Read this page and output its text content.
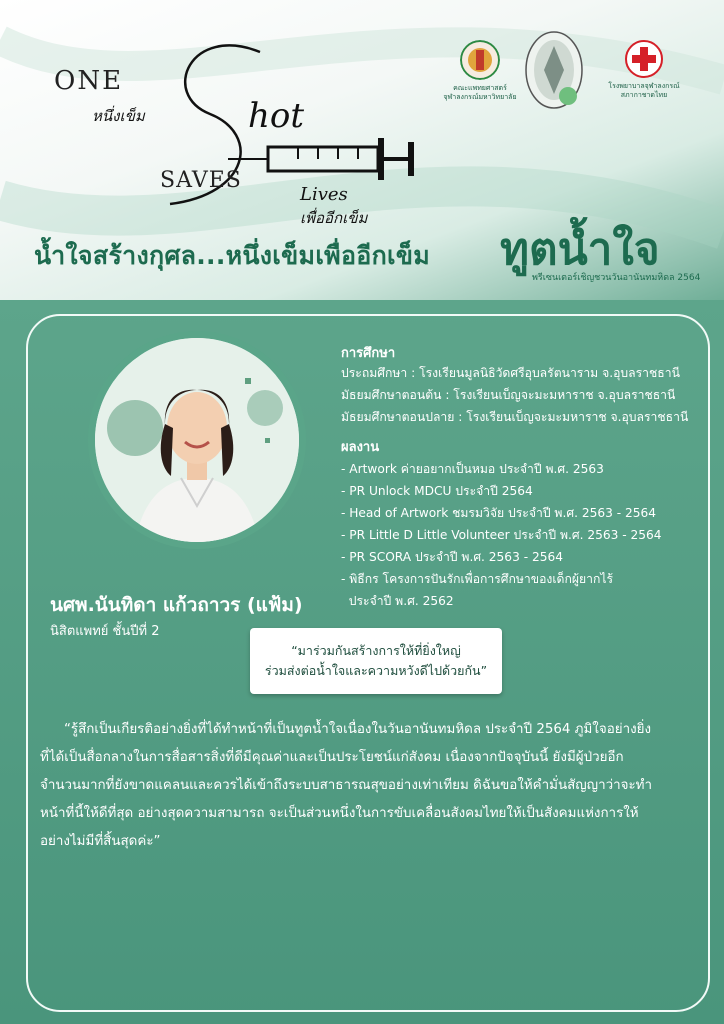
ONE
หนึ่งเข็ม	hot
SAVES
Lives
เพื่ออีกเข็ม
คณะแพทยศาสตร์ จุฬาลงกรณ์มหาวิทยาลัย
โรงพยาบาลจุฬาลงกรณ์ สภากาชาดไทย
น้ำใจสร้างกุศล...หนึ่งเข็มเพื่ออีกเข็ม ทูตน้ำใจ
พรีเซนเตอร์เชิญชวนวันอานันทมหิดล 2564
นศพ.นันทิดา แก้วถาวร (แฟ้ม)
นิสิตแพทย์ ชั้นปีที่ 2
การศึกษา
ประถมศึกษา : โรงเรียนมูลนิธิวัดศรีอุบลรัตนาราม จ.อุบลราชธานี
มัธยมศึกษาตอนต้น : โรงเรียนเบ็ญจะมะมหาราช จ.อุบลราชธานี
มัธยมศึกษาตอนปลาย : โรงเรียนเบ็ญจะมะมหาราช จ.อุบลราชธานี
ผลงาน
- Artwork ค่ายอยากเป็นหมอ ประจำปี พ.ศ. 2563
- PR Unlock MDCU ประจำปี 2564
- Head of Artwork ชมรมวิจัย ประจำปี พ.ศ. 2563 - 2564
- PR Little D Little Volunteer ประจำปี พ.ศ. 2563 - 2564
- PR SCORA ประจำปี พ.ศ. 2563 - 2564
- พิธีกร โครงการปันรักเพื่อการศึกษาของเด็กผู้ยากไร้
ประจำปี พ.ศ. 2562
“มาร่วมกันสร้างการให้ที่ยิ่งใหญ่
ร่วมส่งต่อน้ำใจและความหวังดีไปด้วยกัน”
“รู้สึกเป็นเกียรติอย่างยิ่งที่ได้ทำหน้าที่เป็นทูตน้ำใจเนื่องในวันอานันทมหิดล ประจำปี 2564 ภูมิใจอย่างยิ่ง
ที่ได้เป็นสื่อกลางในการสื่อสารสิ่งที่ดีมีคุณค่าและเป็นประโยชน์แก่สังคม เนื่องจากปัจจุบันนี้ ยังมีผู้ป่วยอีก
จำนวนมากที่ยังขาดแคลนและควรได้เข้าถึงระบบสาธารณสุขอย่างเท่าเทียม ดิฉันขอให้คำมั่นสัญญาว่าจะทำ
หน้าที่นี้ให้ดีที่สุด อย่างสุดความสามารถ จะเป็นส่วนหนึ่งในการขับเคลื่อนสังคมไทยให้เป็นสังคมแห่งการให้
อย่างไม่มีที่สิ้นสุดค่ะ”
